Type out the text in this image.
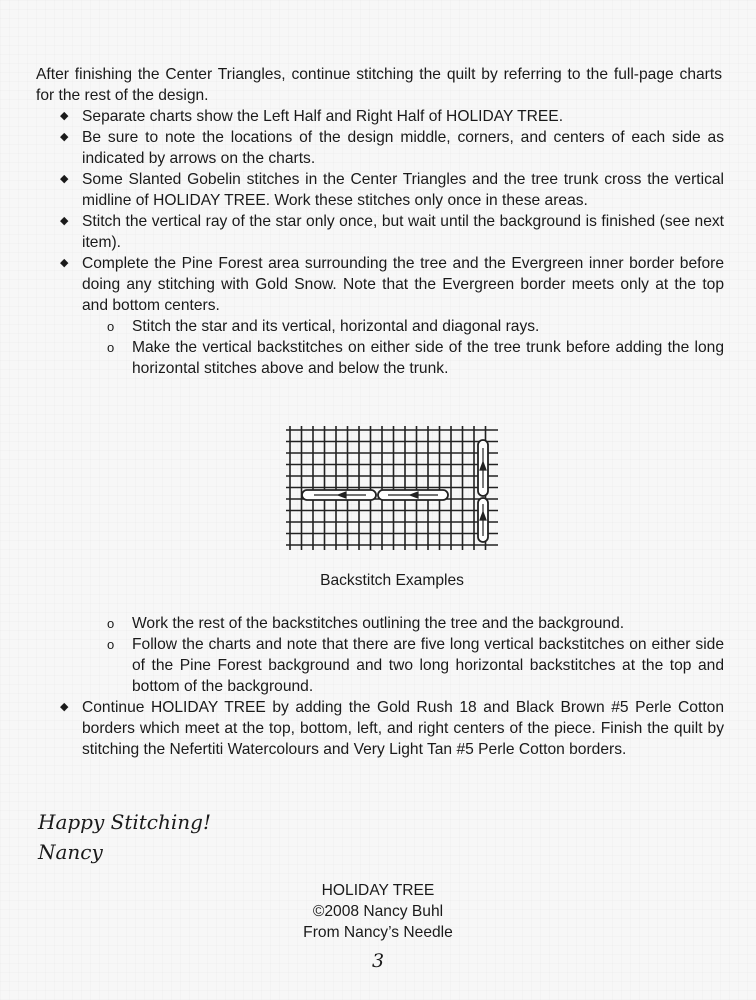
After finishing the Center Triangles, continue stitching the quilt by referring to the full-page charts for the rest of the design.
◆ Separate charts show the Left Half and Right Half of HOLIDAY TREE.
◆ Be sure to note the locations of the design middle, corners, and centers of each side as indicated by arrows on the charts.
◆ Some Slanted Gobelin stitches in the Center Triangles and the tree trunk cross the vertical midline of HOLIDAY TREE. Work these stitches only once in these areas.
◆ Stitch the vertical ray of the star only once, but wait until the background is finished (see next item).
◆ Complete the Pine Forest area surrounding the tree and the Evergreen inner border before doing any stitching with Gold Snow. Note that the Evergreen border meets only at the top and bottom centers.
o Stitch the star and its vertical, horizontal and diagonal rays.
o Make the vertical backstitches on either side of the tree trunk before adding the long horizontal stitches above and below the trunk.
Backstitch Examples
o Work the rest of the backstitches outlining the tree and the background.
o Follow the charts and note that there are five long vertical backstitches on either side of the Pine Forest background and two long horizontal backstitches at the top and bottom of the background.
◆ Continue HOLIDAY TREE by adding the Gold Rush 18 and Black Brown #5 Perle Cotton borders which meet at the top, bottom, left, and right centers of the piece. Finish the quilt by stitching the Nefertiti Watercolours and Very Light Tan #5 Perle Cotton borders.
Happy Stitching!
Nancy
HOLIDAY TREE
©2008 Nancy Buhl
From Nancy’s Needle
3
